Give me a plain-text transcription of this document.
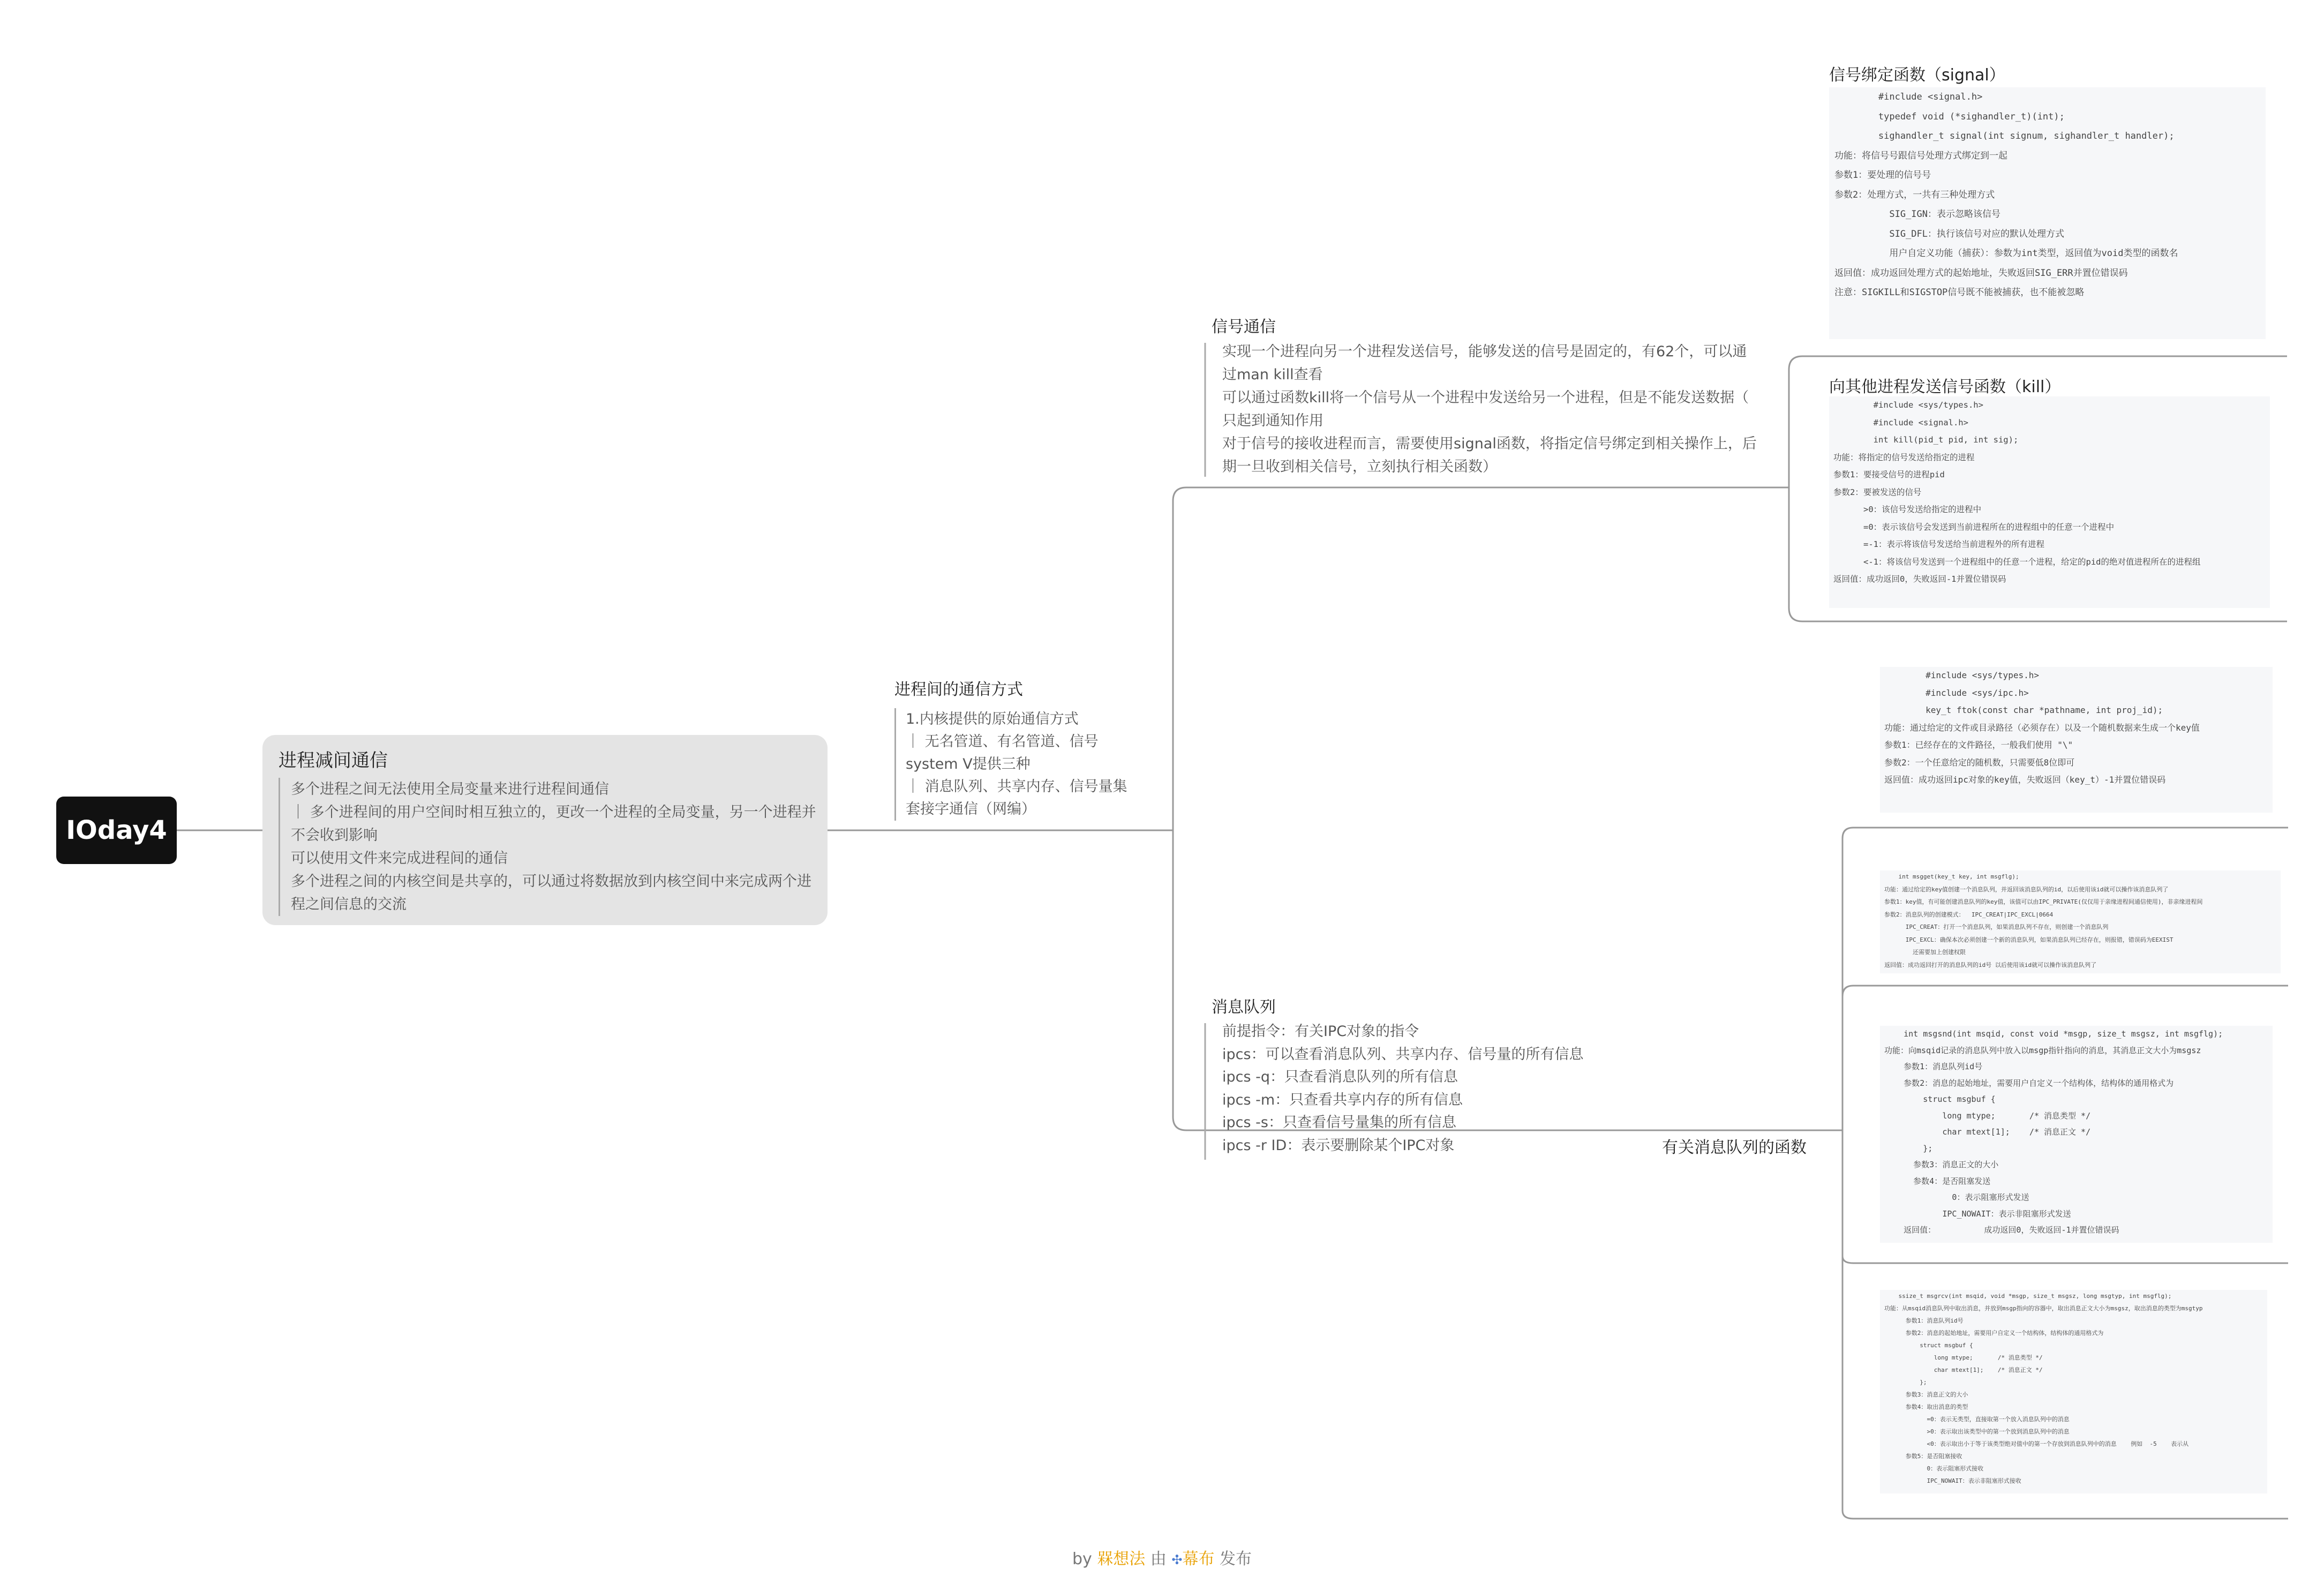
IOday4
进程减间通信
多个进程之间无法使用全局变量来进行进程间通信
｜ 多个进程间的用户空间时相互独立的，更改一个进程的全局变量，另一个进程并
不会收到影响
可以使用文件来完成进程间的通信
多个进程之间的内核空间是共享的，可以通过将数据放到内核空间中来完成两个进
程之间信息的交流
进程间的通信方式
1.内核提供的原始通信方式
｜ 无名管道、有名管道、信号
system V提供三种
｜ 消息队列、共享内存、信号量集
套接字通信（网编）
信号通信
实现一个进程向另一个进程发送信号，能够发送的信号是固定的，有62个，可以通
过man kill查看
可以通过函数kill将一个信号从一个进程中发送给另一个进程，但是不能发送数据（
只起到通知作用
对于信号的接收进程而言，需要使用signal函数，将指定信号绑定到相关操作上，后
期一旦收到相关信号，立刻执行相关函数）
信号绑定函数（signal）
#include <signal.h>
typedef void (*sighandler_t)(int);
sighandler_t signal(int signum, sighandler_t handler);
功能：将信号号跟信号处理方式绑定到一起
参数1：要处理的信号号
参数2：处理方式，一共有三种处理方式
SIG_IGN：表示忽略该信号
SIG_DFL：执行该信号对应的默认处理方式
用户自定义功能（捕获）：参数为int类型，返回值为void类型的函数名
返回值：成功返回处理方式的起始地址，失败返回SIG_ERR并置位错误码
注意：SIGKILL和SIGSTOP信号既不能被捕获，也不能被忽略
向其他进程发送信号函数（kill）
#include <sys/types.h>
#include <signal.h>
int kill(pid_t pid, int sig);
功能：将指定的信号发送给指定的进程
参数1：要接受信号的进程pid
参数2：要被发送的信号
>0：该信号发送给指定的进程中
=0：表示该信号会发送到当前进程所在的进程组中的任意一个进程中
=-1：表示将该信号发送给当前进程外的所有进程
<-1：将该信号发送到一个进程组中的任意一个进程，给定的pid的绝对值进程所在的进程组
返回值：成功返回0，失败返回-1并置位错误码
消息队列
前提指令：有关IPC对象的指令
ipcs：可以查看消息队列、共享内存、信号量的所有信息
ipcs -q：只查看消息队列的所有信息
ipcs -m：只查看共享内存的所有信息
ipcs -s：只查看信号量集的所有信息
ipcs -r ID：表示要删除某个IPC对象	有关消息队列的函数
#include <sys/types.h>
#include <sys/ipc.h>
key_t ftok(const char *pathname, int proj_id);
功能：通过给定的文件或目录路径（必须存在）以及一个随机数据来生成一个key值
参数1：已经存在的文件路径，一般我们使用 "\"
参数2：一个任意给定的随机数，只需要低8位即可
返回值：成功返回ipc对象的key值，失败返回（key_t）-1并置位错误码
int msgget(key_t key, int msgflg);
功能：通过给定的key值创建一个消息队列，并返回该消息队列的id，以后使用该id就可以操作该消息队列了
参数1：key值，有可能创建消息队列的key值，该值可以由IPC_PRIVATE(仅仅用于亲缘进程间通信使用)，非亲缘进程间
参数2：消息队列的创建模式：  IPC_CREAT|IPC_EXCL|0664
IPC_CREAT：打开一个消息队列，如果消息队列不存在，则创建一个消息队列
IPC_EXCL：确保本次必须创建一个新的消息队列，如果消息队列已经存在，则报错，错误码为EEXIST
还需要加上创建权限
返回值：成功返回打开的消息队列的id号 以后使用该id就可以操作该消息队列了
int msgsnd(int msqid, const void *msgp, size_t msgsz, int msgflg);
功能：向msqid记录的消息队列中放入以msgp指针指向的消息，其消息正文大小为msgsz
参数1：消息队列id号
参数2：消息的起始地址，需要用户自定义一个结构体，结构体的通用格式为
struct msgbuf {
long mtype;       /* 消息类型 */
char mtext[1];    /* 消息正文 */
};
参数3：消息正文的大小
参数4：是否阻塞发送
0：表示阻塞形式发送
IPC_NOWAIT：表示非阻塞形式发送
返回值：          成功返回0，失败返回-1并置位错误码
ssize_t msgrcv(int msqid, void *msgp, size_t msgsz, long msgtyp, int msgflg);
功能：从msqid消息队列中取出消息，并放到msgp指向的容器中，取出消息正文大小为msgsz，取出消息的类型为msgtyp
参数1：消息队列id号
参数2：消息的起始地址，需要用户自定义一个结构体，结构体的通用格式为
struct msgbuf {
long mtype;       /* 消息类型 */
char mtext[1];    /* 消息正文 */
};
参数3：消息正文的大小
参数4：取出消息的类型
=0：表示无类型，直接取第一个放入消息队列中的消息
>0：表示取出该类型中的第一个放到消息队列中的消息
<0：表示取出小于等于该类型绝对值中的第一个存放到消息队列中的消息    例如  -5    表示从
参数5：是否阻塞接收
0：表示阻塞形式接收
IPC_NOWAIT：表示非阻塞形式接收
by 槑想法 由 ✣幕布 发布
